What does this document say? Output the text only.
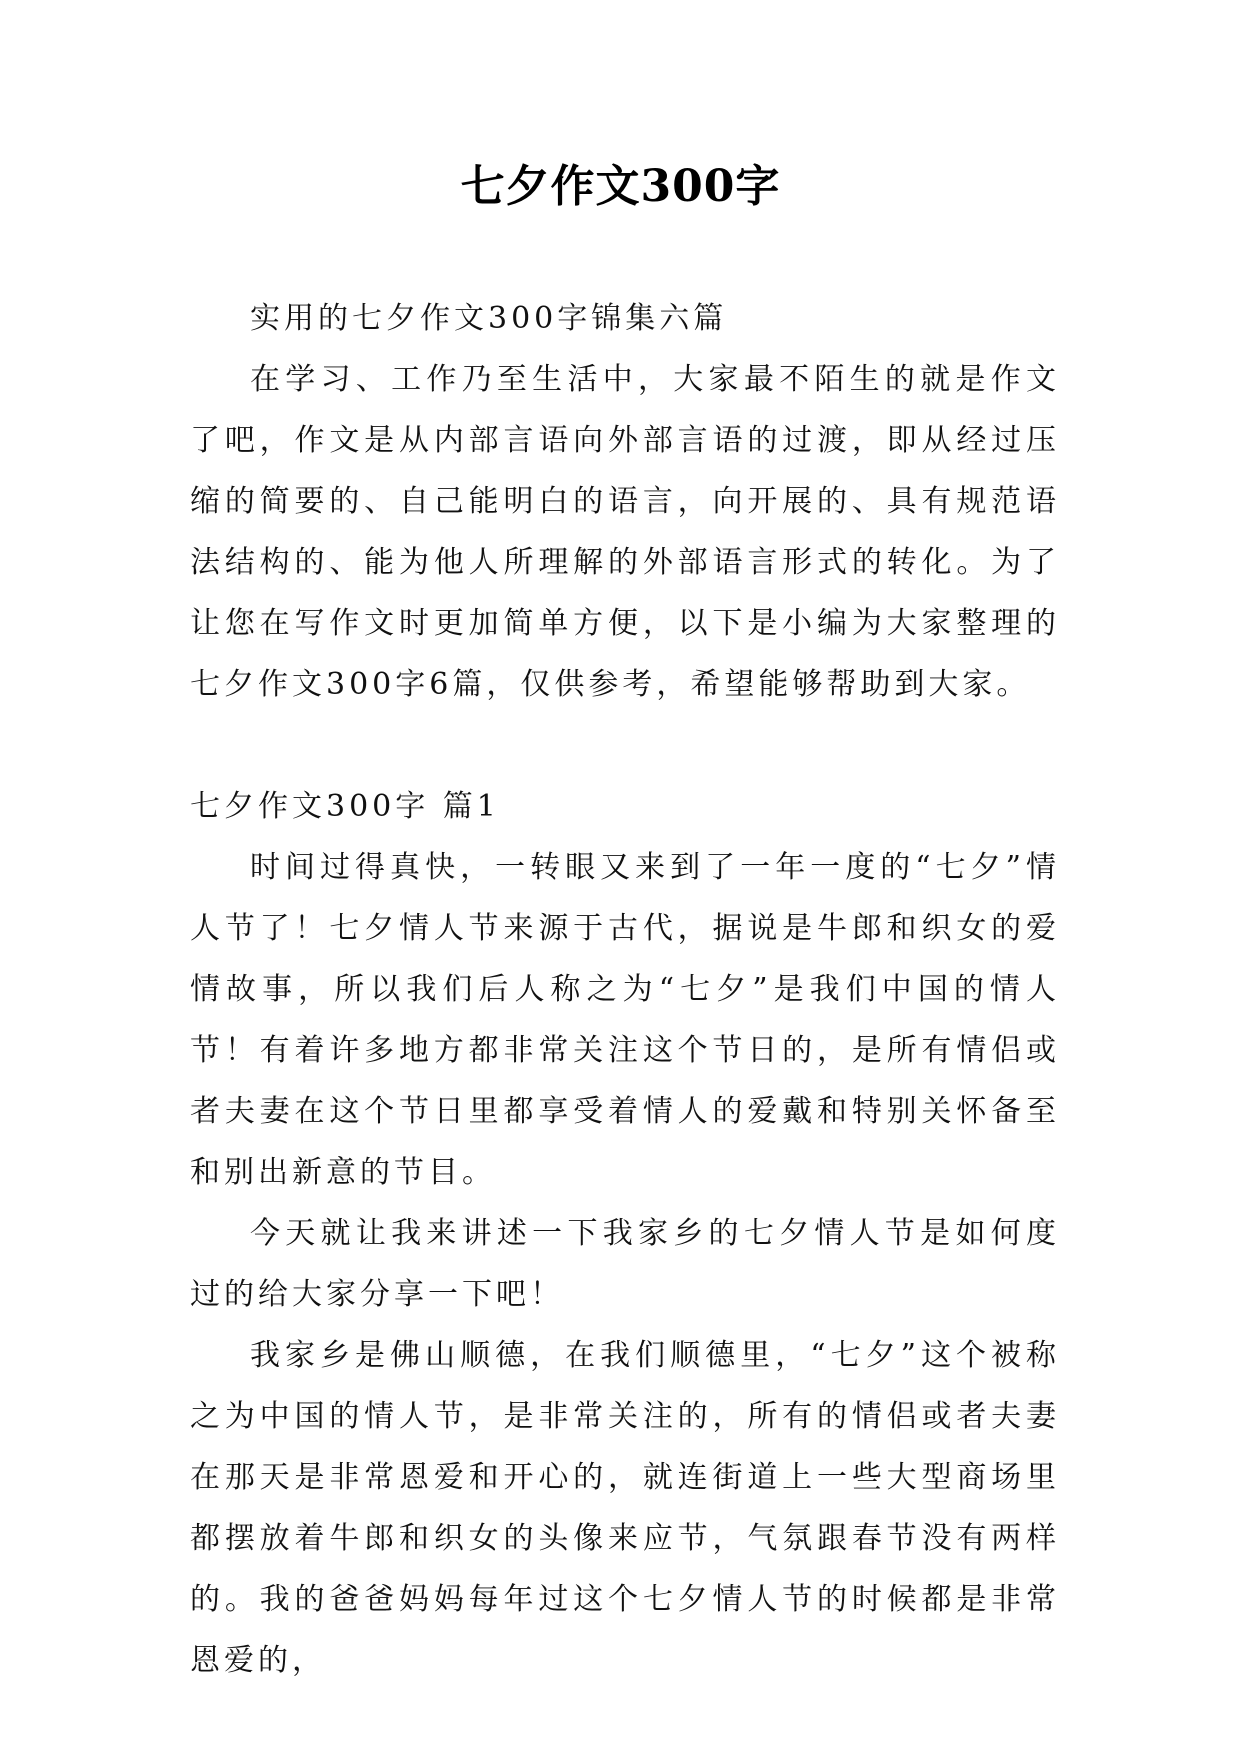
七夕作文300字

实用的七夕作文300字锦集六篇

在学习、工作乃至生活中，大家最不陌生的就是作文了吧，作文是从内部言语向外部言语的过渡，即从经过压缩的简要的、自己能明白的语言，向开展的、具有规范语法结构的、能为他人所理解的外部语言形式的转化。为了让您在写作文时更加简单方便，以下是小编为大家整理的七夕作文300字6篇，仅供参考，希望能够帮助到大家。

七夕作文300字 篇1

时间过得真快，一转眼又来到了一年一度的“七夕”情人节了！七夕情人节来源于古代，据说是牛郎和织女的爱情故事，所以我们后人称之为“七夕”是我们中国的情人节！有着许多地方都非常关注这个节日的，是所有情侣或者夫妻在这个节日里都享受着情人的爱戴和特别关怀备至和别出新意的节目。

今天就让我来讲述一下我家乡的七夕情人节是如何度过的给大家分享一下吧！

我家乡是佛山顺德，在我们顺德里，“七夕”这个被称之为中国的情人节，是非常关注的，所有的情侣或者夫妻在那天是非常恩爱和开心的，就连街道上一些大型商场里都摆放着牛郎和织女的头像来应节，气氛跟春节没有两样的。我的爸爸妈妈每年过这个七夕情人节的时候都是非常恩爱的，
